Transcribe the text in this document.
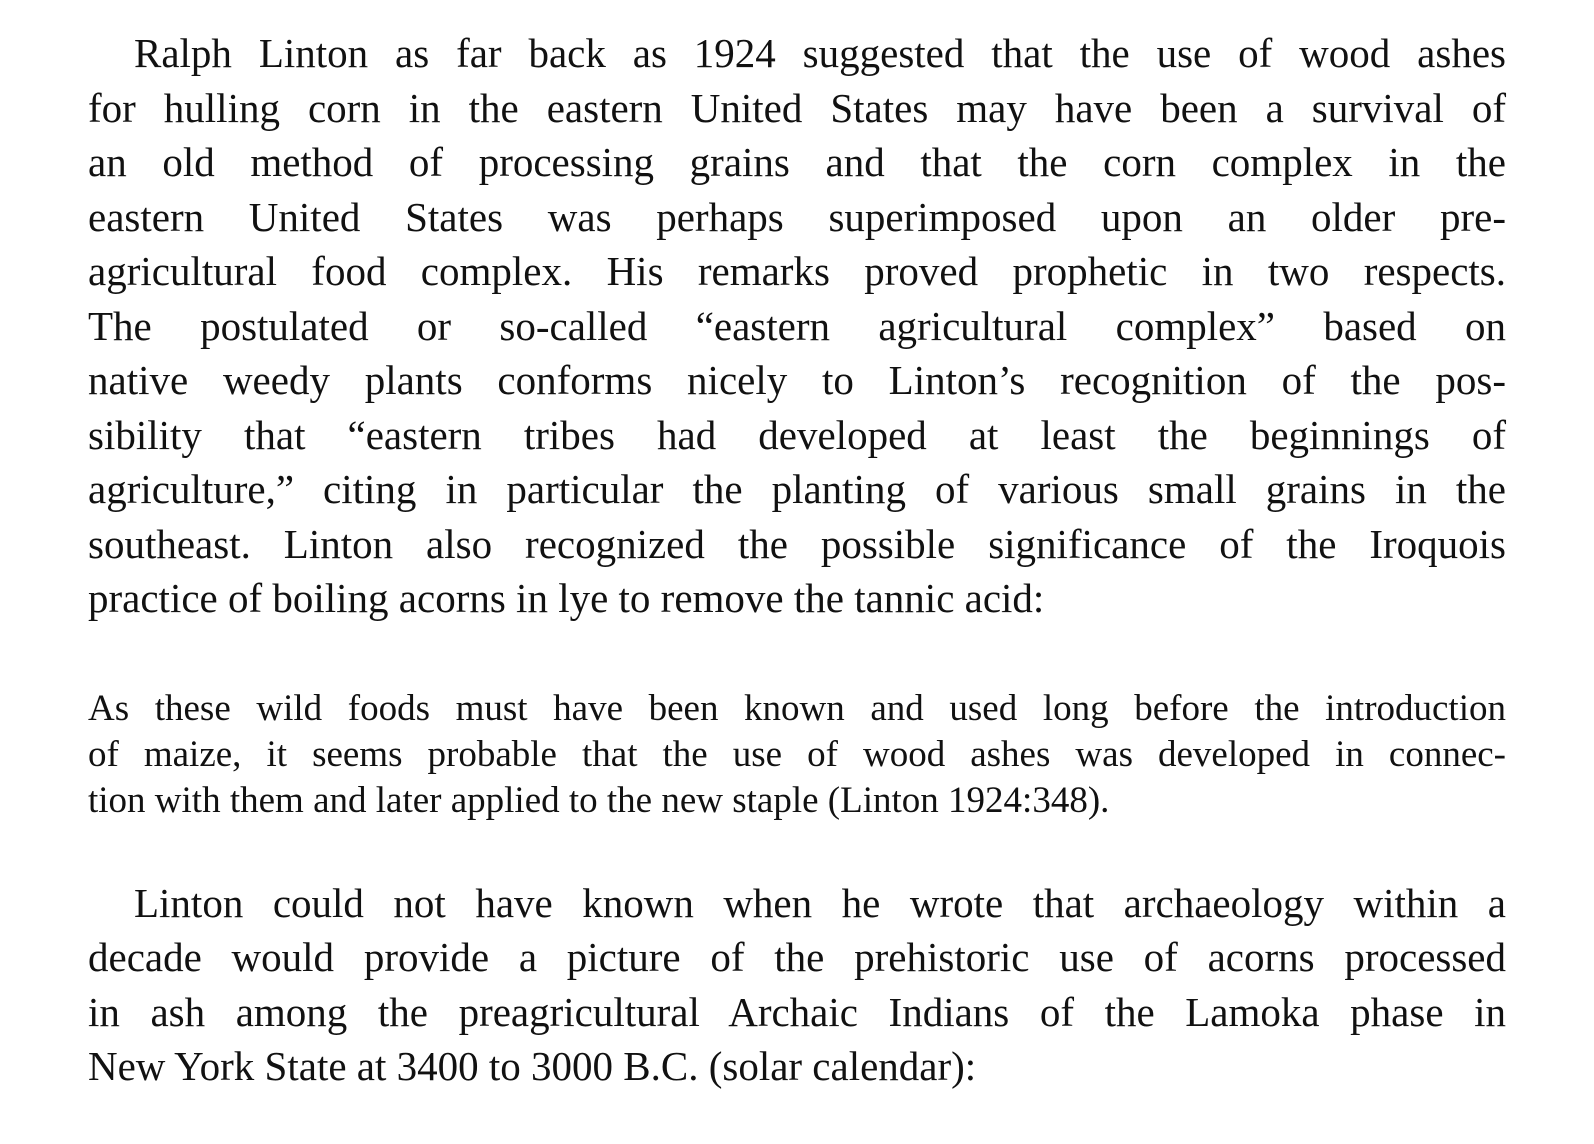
Ralph Linton as far back as 1924 suggested that the use of wood ashes
for hulling corn in the eastern United States may have been a survival of
an old method of processing grains and that the corn complex in the
eastern United States was perhaps superimposed upon an older pre-
agricultural food complex. His remarks proved prophetic in two respects.
The postulated or so-called “eastern agricultural complex” based on
native weedy plants conforms nicely to Linton’s recognition of the pos-
sibility that “eastern tribes had developed at least the beginnings of
agriculture,” citing in particular the planting of various small grains in the
southeast. Linton also recognized the possible significance of the Iroquois
practice of boiling acorns in lye to remove the tannic acid:
As these wild foods must have been known and used long before the introduction
of maize, it seems probable that the use of wood ashes was developed in connec-
tion with them and later applied to the new staple (Linton 1924:348).
Linton could not have known when he wrote that archaeology within a
decade would provide a picture of the prehistoric use of acorns processed
in ash among the preagricultural Archaic Indians of the Lamoka phase in
New York State at 3400 to 3000 B.C. (solar calendar):
